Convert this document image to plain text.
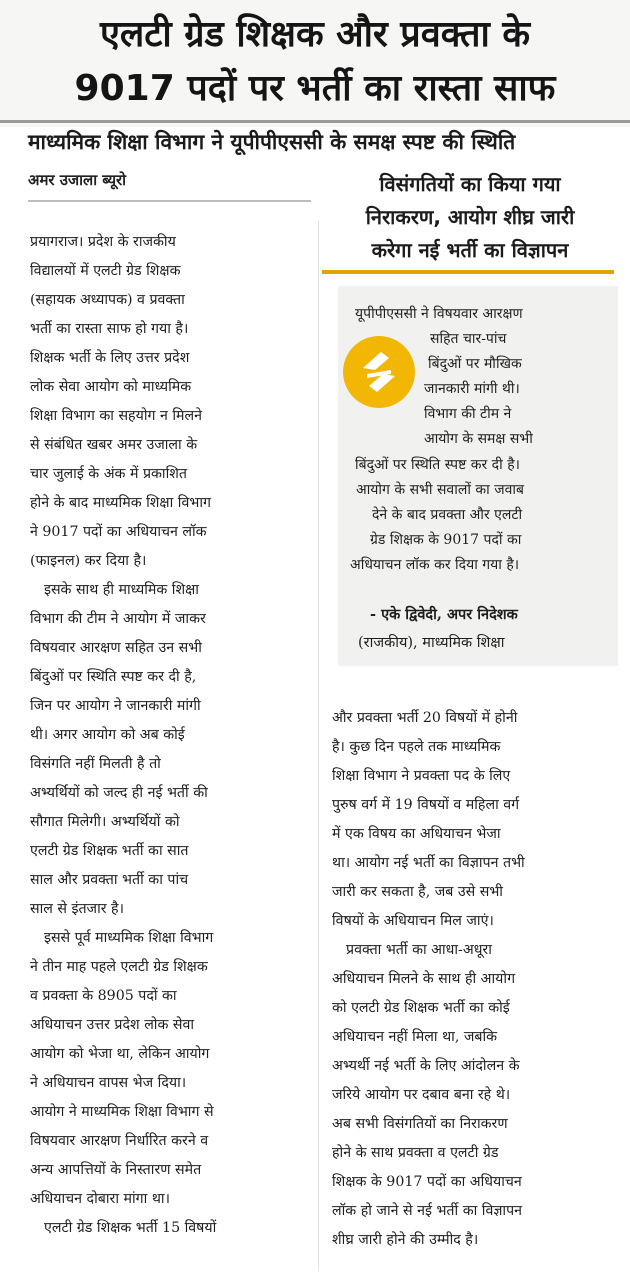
एलटी ग्रेड शिक्षक और प्रवक्ता के
9017 पदों पर भर्ती का रास्ता साफ
माध्यमिक शिक्षा विभाग ने यूपीपीएससी के समक्ष स्पष्ट की स्थिति
अमर उजाला ब्यूरो	विसंगतियों का किया गया
निराकरण, आयोग शीघ्र जारी
करेगा नई भर्ती का विज्ञापन
यूपीपीएससी ने विषयवार आरक्षण
सहित चार-पांच
बिंदुओं पर मौखिक
जानकारी मांगी थी।
विभाग की टीम ने
आयोग के समक्ष सभी
बिंदुओं पर स्थिति स्पष्ट कर दी है।
आयोग के सभी सवालों का जवाब
देने के बाद प्रवक्ता और एलटी
ग्रेड शिक्षक के 9017 पदों का
अधियाचन लॉक कर दिया गया है।
- एके द्विवेदी, अपर निदेशक
(राजकीय), माध्यमिक शिक्षा
प्रयागराज। प्रदेश के राजकीय
विद्यालयों में एलटी ग्रेड शिक्षक
(सहायक अध्यापक) व प्रवक्ता
भर्ती का रास्ता साफ हो गया है।
शिक्षक भर्ती के लिए उत्तर प्रदेश
लोक सेवा आयोग को माध्यमिक
शिक्षा विभाग का सहयोग न मिलने
से संबंधित खबर अमर उजाला के
चार जुलाई के अंक में प्रकाशित
होने के बाद माध्यमिक शिक्षा विभाग
ने 9017 पदों का अधियाचन लॉक
(फाइनल) कर दिया है।
इसके साथ ही माध्यमिक शिक्षा
विभाग की टीम ने आयोग में जाकर
विषयवार आरक्षण सहित उन सभी
बिंदुओं पर स्थिति स्पष्ट कर दी है,
जिन पर आयोग ने जानकारी मांगी
थी। अगर आयोग को अब कोई
विसंगति नहीं मिलती है तो
अभ्यर्थियों को जल्द ही नई भर्ती की
सौगात मिलेगी। अभ्यर्थियों को
एलटी ग्रेड शिक्षक भर्ती का सात
साल और प्रवक्ता भर्ती का पांच
साल से इंतजार है।
इससे पूर्व माध्यमिक शिक्षा विभाग
ने तीन माह पहले एलटी ग्रेड शिक्षक
व प्रवक्ता के 8905 पदों का
अधियाचन उत्तर प्रदेश लोक सेवा
आयोग को भेजा था, लेकिन आयोग
ने अधियाचन वापस भेज दिया।
आयोग ने माध्यमिक शिक्षा विभाग से
विषयवार आरक्षण निर्धारित करने व
अन्य आपत्तियों के निस्तारण समेत
अधियाचन दोबारा मांगा था।
एलटी ग्रेड शिक्षक भर्ती 15 विषयों
और प्रवक्ता भर्ती 20 विषयों में होनी
है। कुछ दिन पहले तक माध्यमिक
शिक्षा विभाग ने प्रवक्ता पद के लिए
पुरुष वर्ग में 19 विषयों व महिला वर्ग
में एक विषय का अधियाचन भेजा
था। आयोग नई भर्ती का विज्ञापन तभी
जारी कर सकता है, जब उसे सभी
विषयों के अधियाचन मिल जाएं।
प्रवक्ता भर्ती का आधा-अधूरा
अधियाचन मिलने के साथ ही आयोग
को एलटी ग्रेड शिक्षक भर्ती का कोई
अधियाचन नहीं मिला था, जबकि
अभ्यर्थी नई भर्ती के लिए आंदोलन के
जरिये आयोग पर दबाव बना रहे थे।
अब सभी विसंगतियों का निराकरण
होने के साथ प्रवक्ता व एलटी ग्रेड
शिक्षक के 9017 पदों का अधियाचन
लॉक हो जाने से नई भर्ती का विज्ञापन
शीघ्र जारी होने की उम्मीद है।
